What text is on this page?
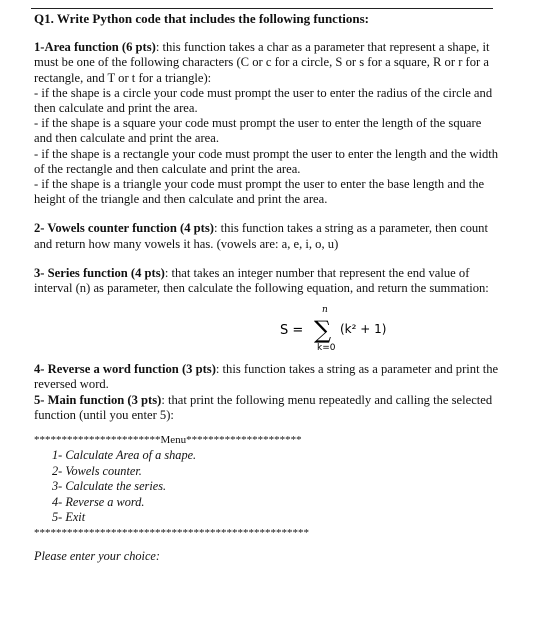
Q1. Write Python code that includes the following functions:

1-Area function (6 pts): this function takes a char as a parameter that represent a shape, it must be one of the following characters (C or c for a circle, S or s for a square, R or r for a rectangle, and T or t for a triangle):

- if the shape is a circle your code must prompt the user to enter the radius of the circle and then calculate and print the area.

- if the shape is a square your code must prompt the user to enter the length of the square and then calculate and print the area.

- if the shape is a rectangle your code must prompt the user to enter the length and the width of the rectangle and then calculate and print the area.

- if the shape is a triangle your code must prompt the user to enter the base length and the height of the triangle and then calculate and print the area.

2- Vowels counter function (4 pts): this function takes a string as a parameter, then count and return how many vowels it has. (vowels are: a, e, i, o, u)

3- Series function (4 pts): that takes an integer number that represent the end value of interval (n) as parameter, then calculate the following equation, and return the summation:

n
S = ∑ (k² + 1)
k=0

4- Reverse a word function (3 pts): this function takes a string as a parameter and print the reversed word.

5- Main function (3 pts): that print the following menu repeatedly and calling the selected function (until you enter 5):

***********************Menu*********************
1- Calculate Area of a shape.
2- Vowels counter.
3- Calculate the series.
4- Reverse a word.
5- Exit
**************************************************
Please enter your choice:
